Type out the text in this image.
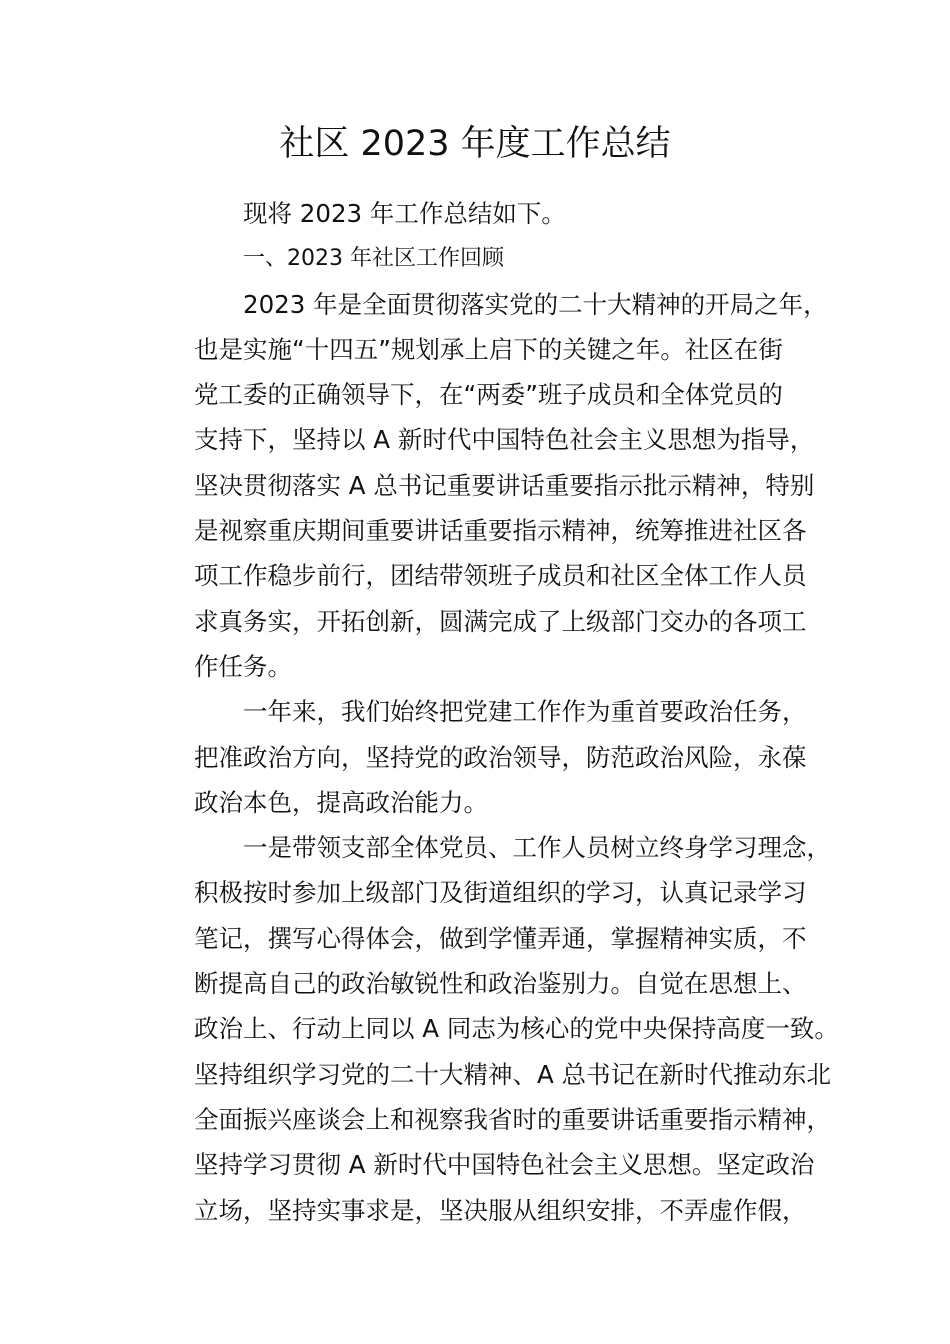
社区 2023 年度工作总结
现将 2023 年工作总结如下。
一、2023 年社区工作回顾
2023 年是全面贯彻落实党的二十大精神的开局之年，
也是实施“十四五”规划承上启下的关键之年。社区在街
党工委的正确领导下，在“两委”班子成员和全体党员的
支持下，坚持以 A 新时代中国特色社会主义思想为指导，
坚决贯彻落实 A 总书记重要讲话重要指示批示精神，特别
是视察重庆期间重要讲话重要指示精神，统筹推进社区各
项工作稳步前行，团结带领班子成员和社区全体工作人员
求真务实，开拓创新，圆满完成了上级部门交办的各项工
作任务。
一年来，我们始终把党建工作作为重首要政治任务，
把准政治方向，坚持党的政治领导，防范政治风险，永葆
政治本色，提高政治能力。
一是带领支部全体党员、工作人员树立终身学习理念，
积极按时参加上级部门及街道组织的学习，认真记录学习
笔记，撰写心得体会，做到学懂弄通，掌握精神实质，不
断提高自己的政治敏锐性和政治鉴别力。自觉在思想上、
政治上、行动上同以 A 同志为核心的党中央保持高度一致。
坚持组织学习党的二十大精神、A 总书记在新时代推动东北
全面振兴座谈会上和视察我省时的重要讲话重要指示精神，
坚持学习贯彻 A 新时代中国特色社会主义思想。坚定政治
立场，坚持实事求是，坚决服从组织安排，不弄虚作假，
